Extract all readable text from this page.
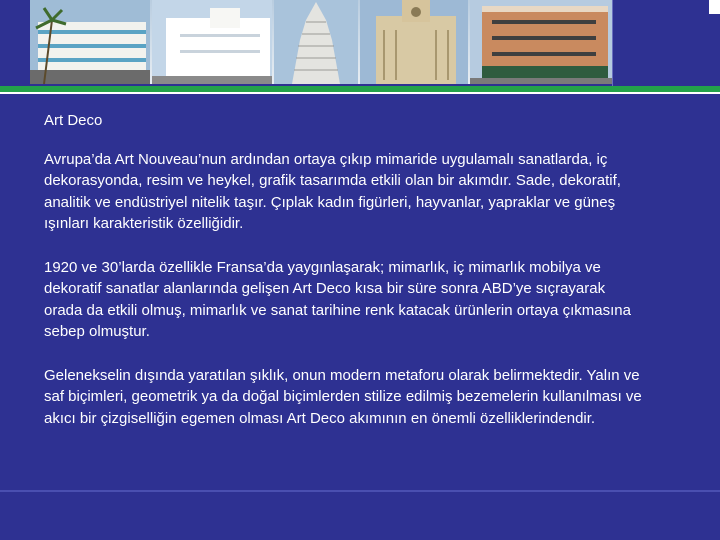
Art Deco

Avrupa’da Art Nouveau’nun ardından ortaya çıkıp mimaride uygulamalı sanatlarda, iç dekorasyonda, resim ve heykel, grafik tasarımda etkili olan bir akımdır. Sade, dekoratif, analitik ve endüstriyel nitelik taşır. Çıplak kadın figürleri, hayvanlar, yapraklar ve güneş ışınları karakteristik özelliğidir.

1920 ve 30’larda özellikle Fransa’da yaygınlaşarak; mimarlık, iç mimarlık mobilya ve dekoratif sanatlar alanlarında gelişen Art Deco kısa bir süre sonra ABD’ye sıçrayarak orada da etkili olmuş, mimarlık ve sanat tarihine renk katacak ürünlerin ortaya çıkmasına sebep olmuştur.

Gelenekselin dışında yaratılan şıklık, onun modern metaforu olarak belirmektedir. Yalın ve saf biçimleri, geometrik ya da doğal biçimlerden stilize edilmiş bezemelerin kullanılması ve akıcı bir çizgiselliğin egemen olması Art Deco akımının en önemli özelliklerindendir.
